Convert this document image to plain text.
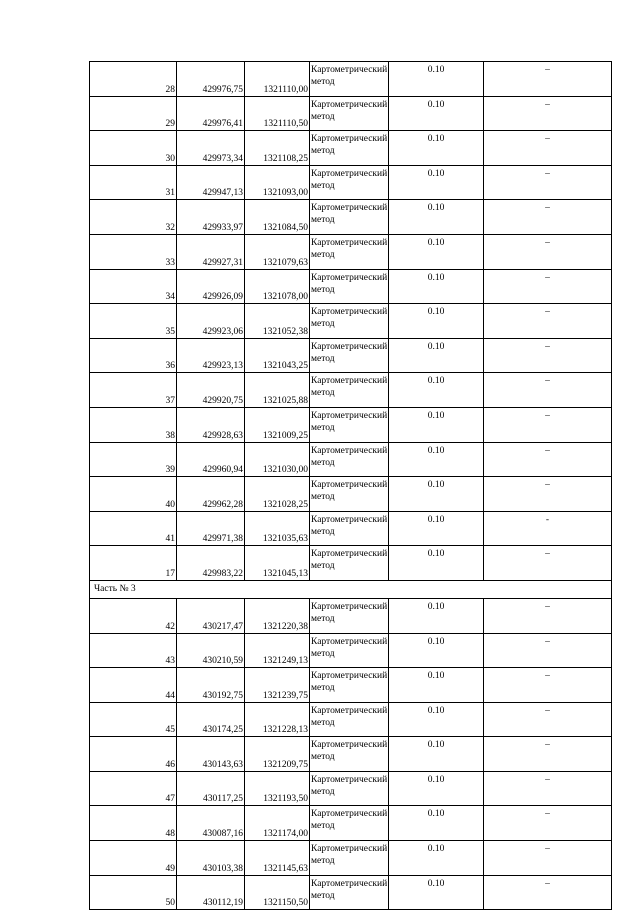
28	429976,75	1321110,00	Картометрический метод	0.10	–
29	429976,41	1321110,50	Картометрический метод	0.10	–
30	429973,34	1321108,25	Картометрический метод	0.10	–
31	429947,13	1321093,00	Картометрический метод	0.10	–
32	429933,97	1321084,50	Картометрический метод	0.10	–
33	429927,31	1321079,63	Картометрический метод	0.10	–
34	429926,09	1321078,00	Картометрический метод	0.10	–
35	429923,06	1321052,38	Картометрический метод	0.10	–
36	429923,13	1321043,25	Картометрический метод	0.10	–
37	429920,75	1321025,88	Картометрический метод	0.10	–
38	429928,63	1321009,25	Картометрический метод	0.10	–
39	429960,94	1321030,00	Картометрический метод	0.10	–
40	429962,28	1321028,25	Картометрический метод	0.10	–
41	429971,38	1321035,63	Картометрический метод	0.10	-
17	429983,22	1321045,13	Картометрический метод	0.10	–
Часть № 3					
42	430217,47	1321220,38	Картометрический метод	0.10	–
43	430210,59	1321249,13	Картометрический метод	0.10	–
44	430192,75	1321239,75	Картометрический метод	0.10	–
45	430174,25	1321228,13	Картометрический метод	0.10	–
46	430143,63	1321209,75	Картометрический метод	0.10	–
47	430117,25	1321193,50	Картометрический метод	0.10	–
48	430087,16	1321174,00	Картометрический метод	0.10	–
49	430103,38	1321145,63	Картометрический метод	0.10	–
50	430112,19	1321150,50	Картометрический метод	0.10	–
